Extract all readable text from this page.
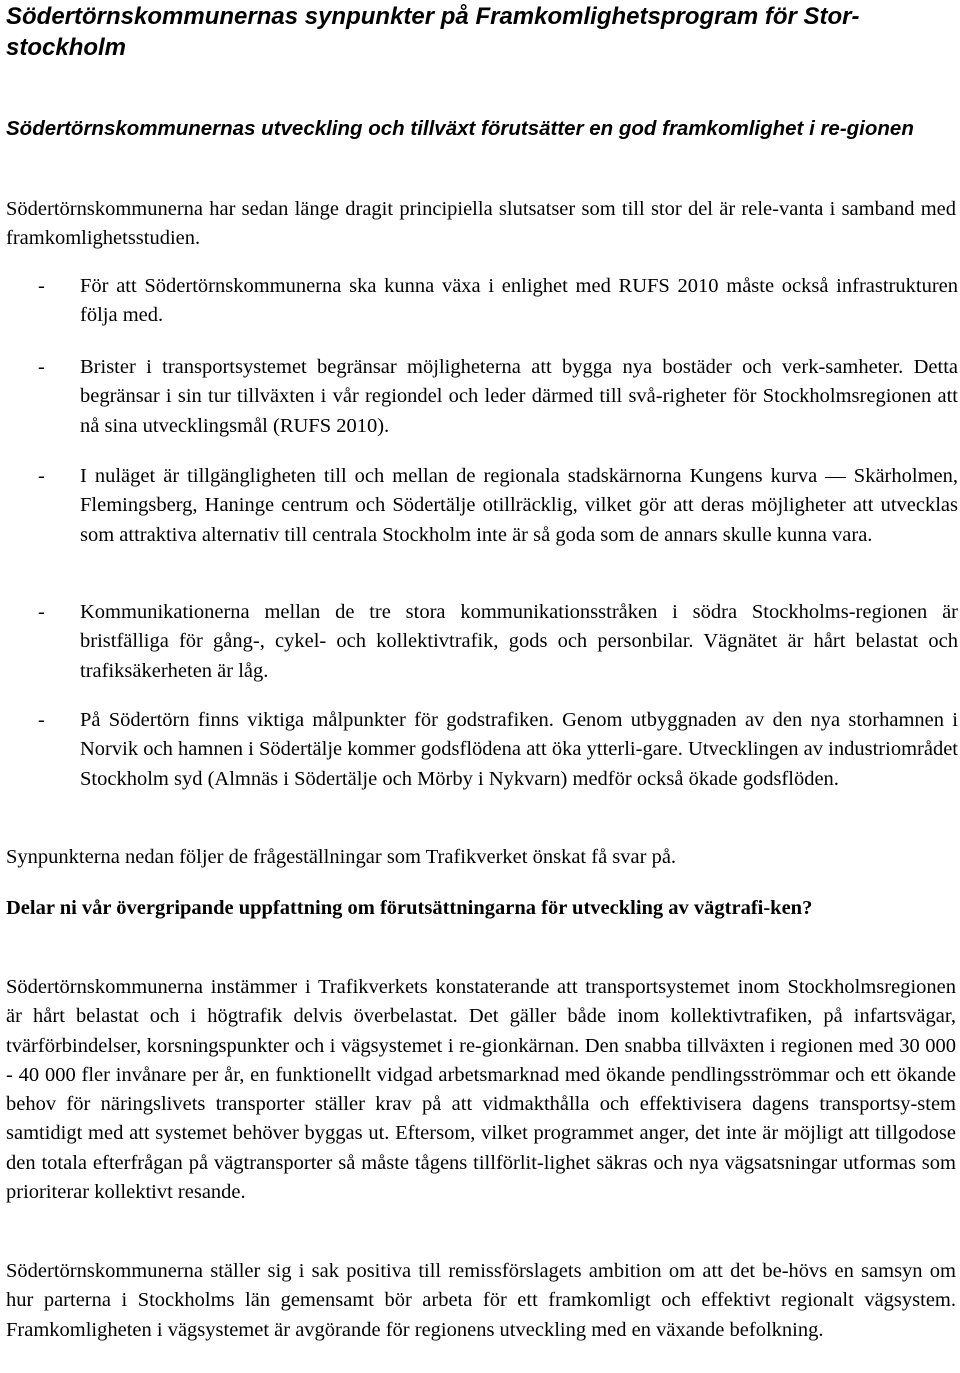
Södertörnskommunernas synpunkter på Framkomlighetsprogram för Stor-stockholm
Södertörnskommunernas utveckling och tillväxt förutsätter en god framkomlighet i re-gionen

Södertörnskommunerna har sedan länge dragit principiella slutsatser som till stor del är rele-vanta i samband med framkomlighetsstudien.

- För att Södertörnskommunerna ska kunna växa i enlighet med RUFS 2010 måste också infrastrukturen följa med.
- Brister i transportsystemet begränsar möjligheterna att bygga nya bostäder och verk-samheter. Detta begränsar i sin tur tillväxten i vår regiondel och leder därmed till svå-righeter för Stockholmsregionen att nå sina utvecklingsmål (RUFS 2010).
- I nuläget är tillgängligheten till och mellan de regionala stadskärnorna Kungens kurva — Skärholmen, Flemingsberg, Haninge centrum och Södertälje otillräcklig, vilket gör att deras möjligheter att utvecklas som attraktiva alternativ till centrala Stockholm inte är så goda som de annars skulle kunna vara.
- Kommunikationerna mellan de tre stora kommunikationsstråken i södra Stockholms-regionen är bristfälliga för gång-, cykel- och kollektivtrafik, gods och personbilar. Vägnätet är hårt belastat och trafiksäkerheten är låg.
- På Södertörn finns viktiga målpunkter för godstrafiken. Genom utbyggnaden av den nya storhamnen i Norvik och hamnen i Södertälje kommer godsflödena att öka ytterli-gare. Utvecklingen av industriområdet Stockholm syd (Almnäs i Södertälje och Mörby i Nykvarn) medför också ökade godsflöden.

Synpunkterna nedan följer de frågeställningar som Trafikverket önskat få svar på.

Delar ni vår övergripande uppfattning om förutsättningarna för utveckling av vägtrafi-ken?

Södertörnskommunerna instämmer i Trafikverkets konstaterande att transportsystemet inom Stockholmsregionen är hårt belastat och i högtrafik delvis överbelastat. Det gäller både inom kollektivtrafiken, på infartsvägar, tvärförbindelser, korsningspunkter och i vägsystemet i re-gionkärnan. Den snabba tillväxten i regionen med 30 000 - 40 000 fler invånare per år, en funktionellt vidgad arbetsmarknad med ökande pendlingsströmmar och ett ökande behov för näringslivets transporter ställer krav på att vidmakthålla och effektivisera dagens transportsy-stem samtidigt med att systemet behöver byggas ut. Eftersom, vilket programmet anger, det inte är möjligt att tillgodose den totala efterfrågan på vägtransporter så måste tågens tillförlit-lighet säkras och nya vägsatsningar utformas som prioriterar kollektivt resande.

Södertörnskommunerna ställer sig i sak positiva till remissförslagets ambition om att det be-hövs en samsyn om hur parterna i Stockholms län gemensamt bör arbeta för ett framkomligt och effektivt regionalt vägsystem. Framkomligheten i vägsystemet är avgörande för regionens utveckling med en växande befolkning.
